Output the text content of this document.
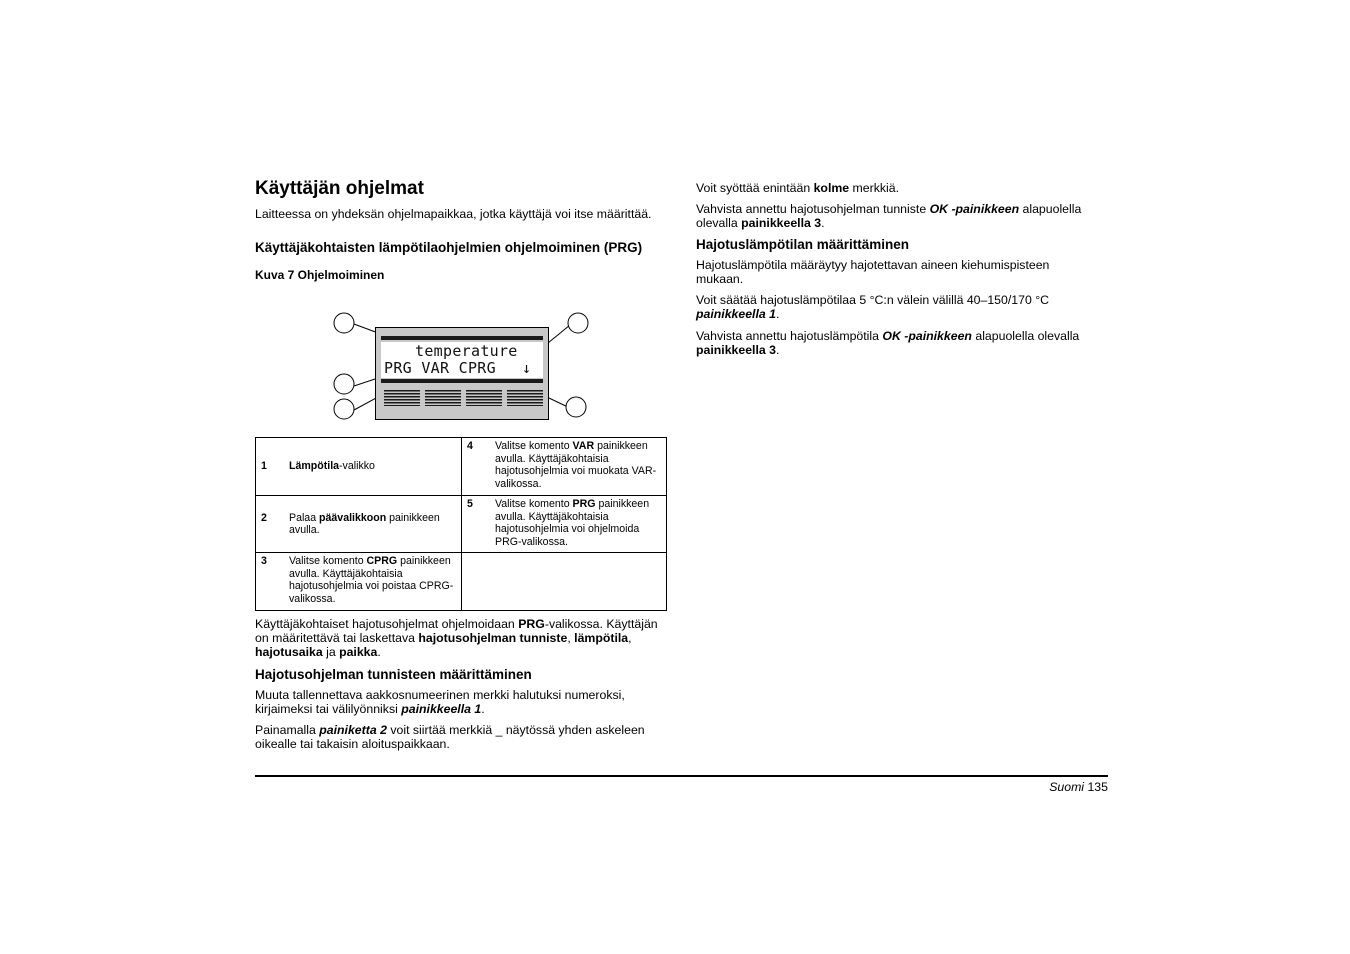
Käyttäjän ohjelmat

Laitteessa on yhdeksän ohjelmapaikkaa, jotka käyttäjä voi itse määrittää.

Käyttäjäkohtaisten lämpötilaohjelmien ohjelmoiminen (PRG)
Kuva 7 Ohjelmoiminen
temperature
PRG VAR CPRG ↓
1 Lämpötila-valikko	4 Valitse komento VAR painikkeen avulla. Käyttäjäkohtaisia hajotusohjelmia voi muokata VAR-valikossa.

2 Palaa päävalikkoon painikkeen avulla.	5 Valitse komento PRG painikkeen avulla. Käyttäjäkohtaisia hajotusohjelmia voi ohjelmoida PRG-valikossa.

3 Valitse komento CPRG painikkeen avulla. Käyttäjäkohtaisia hajotusohjelmia voi poistaa CPRG-valikossa.	

Käyttäjäkohtaiset hajotusohjelmat ohjelmoidaan PRG-valikossa. Käyttäjän on määritettävä tai laskettava hajotusohjelman tunniste, lämpötila, hajotusaika ja paikka.

Hajotusohjelman tunnisteen määrittäminen

Muuta tallennettava aakkosnumeerinen merkki halutuksi numeroksi, kirjaimeksi tai välilyönniksi painikkeella 1.

Painamalla painiketta 2 voit siirtää merkkiä _ näytössä yhden askeleen oikealle tai takaisin aloituspaikkaan.

Voit syöttää enintään kolme merkkiä.

Vahvista annettu hajotusohjelman tunniste OK -painikkeen alapuolella olevalla painikkeella 3.

Hajotuslämpötilan määrittäminen

Hajotuslämpötila määräytyy hajotettavan aineen kiehumispisteen mukaan.

Voit säätää hajotuslämpötilaa 5 °C:n välein välillä 40–150/170 °C painikkeella 1.

Vahvista annettu hajotuslämpötila OK -painikkeen alapuolella olevalla painikkeella 3.

Suomi 135
